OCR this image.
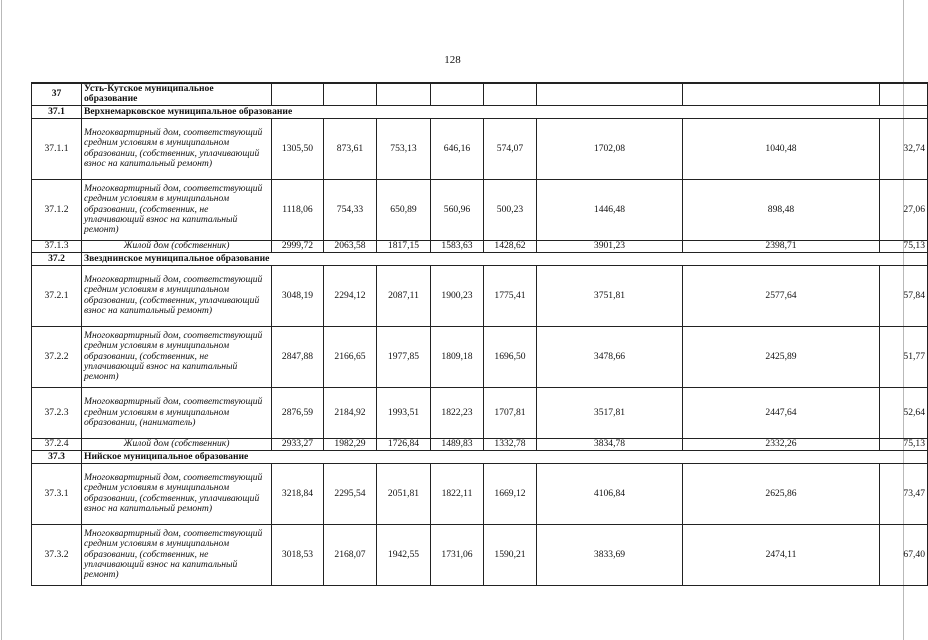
128
37	Усть-Кутское муниципальное образование								
37.1	Верхнемарковское муниципальное образование								
37.1.1	Многоквартирный дом, соответствующий средним условиям в муниципальном образовании, (собственник, уплачивающий взнос на капитальный ремонт)	1305,50	873,61	753,13	646,16	574,07	1702,08	1040,48	32,74
37.1.2	Многоквартирный дом, соответствующий средним условиям в муниципальном образовании, (собственник, не уплачивающий взнос на капитальный ремонт)	1118,06	754,33	650,89	560,96	500,23	1446,48	898,48	27,06
37.1.3	Жилой дом (собственник)	2999,72	2063,58	1817,15	1583,63	1428,62	3901,23	2398,71	75,13
37.2	Звезднинское муниципальное образование								
37.2.1	Многоквартирный дом, соответствующий средним условиям в муниципальном образовании, (собственник, уплачивающий взнос на капитальный ремонт)	3048,19	2294,12	2087,11	1900,23	1775,41	3751,81	2577,64	57,84
37.2.2	Многоквартирный дом, соответствующий средним условиям в муниципальном образовании, (собственник, не уплачивающий взнос на капитальный ремонт)	2847,88	2166,65	1977,85	1809,18	1696,50	3478,66	2425,89	51,77
37.2.3	Многоквартирный дом, соответствующий средним условиям в муниципальном образовании, (наниматель)	2876,59	2184,92	1993,51	1822,23	1707,81	3517,81	2447,64	52,64
37.2.4	Жилой дом (собственник)	2933,27	1982,29	1726,84	1489,83	1332,78	3834,78	2332,26	75,13
37.3	Нийское муниципальное образование								
37.3.1	Многоквартирный дом, соответствующий средним условиям в муниципальном образовании, (собственник, уплачивающий взнос на капитальный ремонт)	3218,84	2295,54	2051,81	1822,11	1669,12	4106,84	2625,86	73,47
37.3.2	Многоквартирный дом, соответствующий средним условиям в муниципальном образовании, (собственник, не уплачивающий взнос на капитальный ремонт)	3018,53	2168,07	1942,55	1731,06	1590,21	3833,69	2474,11	67,40
